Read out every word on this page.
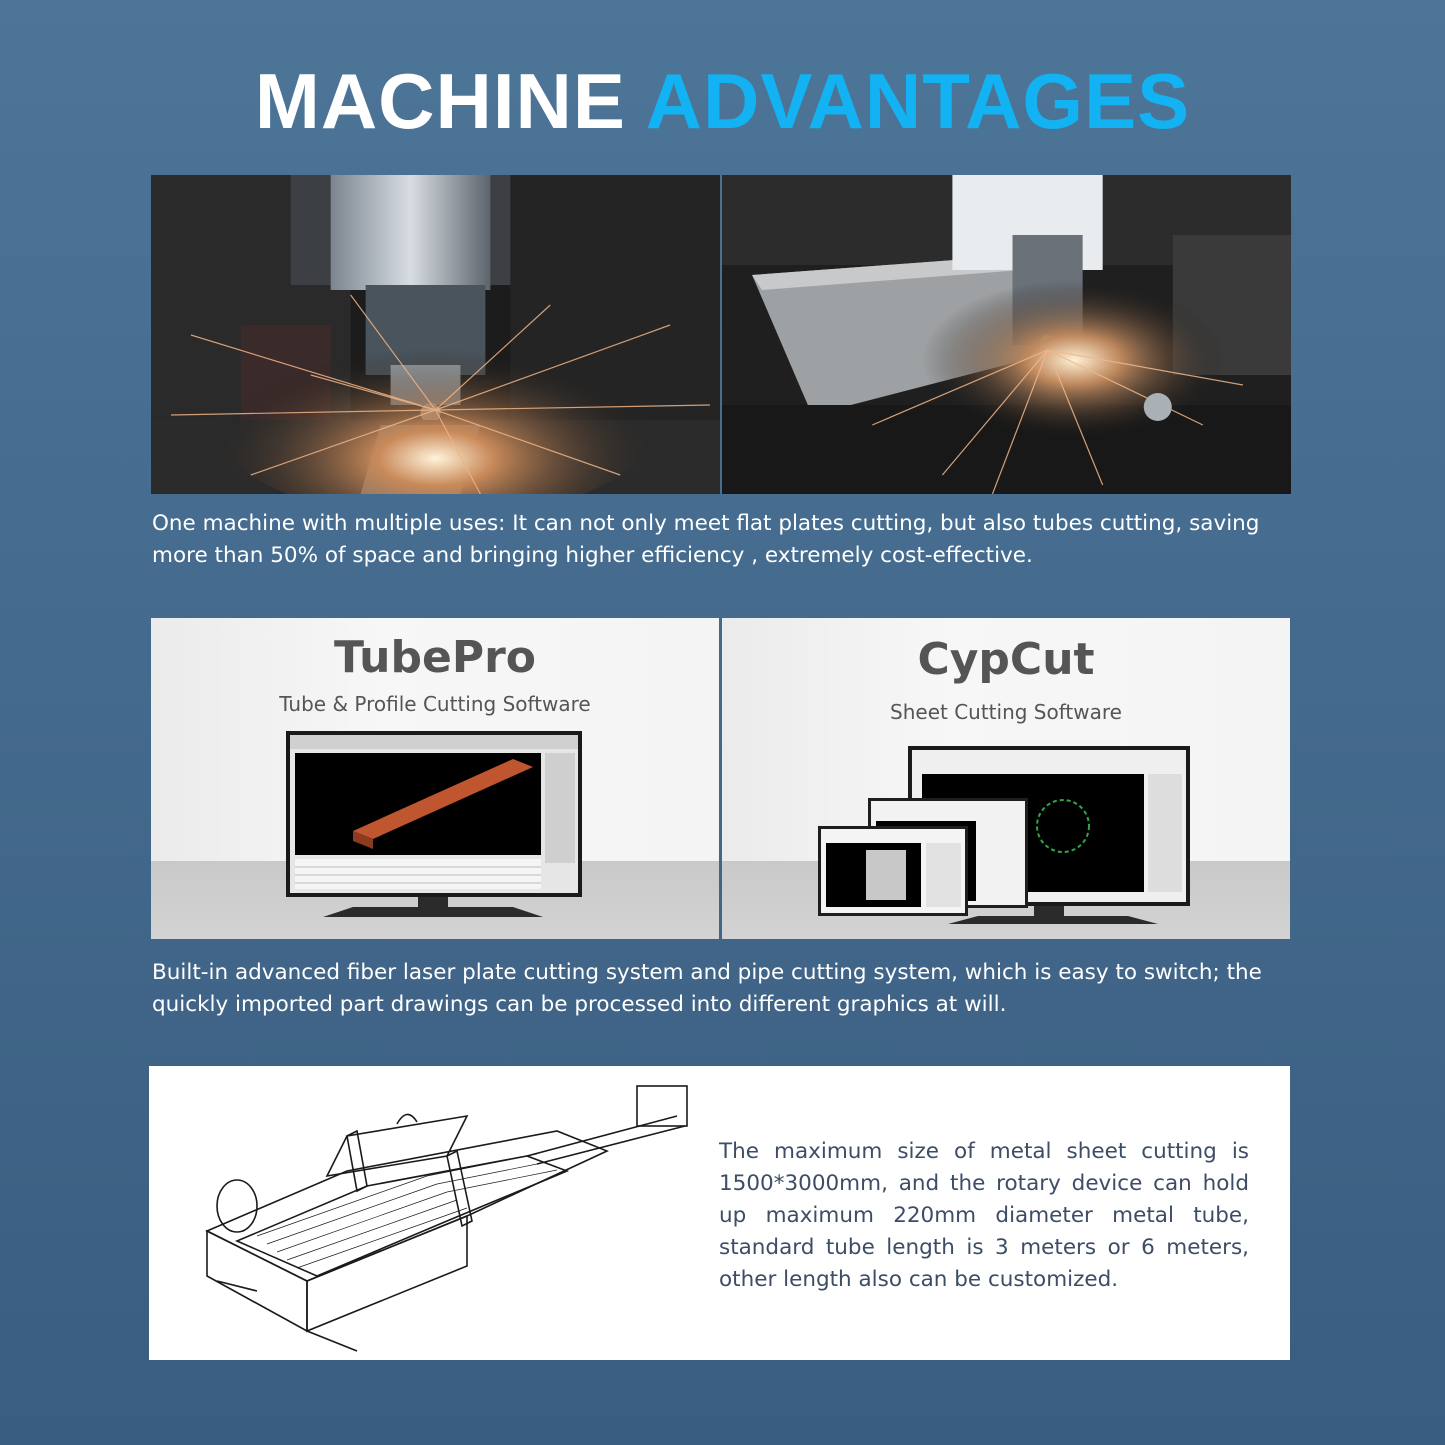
MACHINE ADVANTAGES

One machine with multiple uses: It can not only meet flat plates cutting, but also tubes cutting, saving more than 50% of space and bringing higher efficiency , extremely cost-effective.

TubePro
Tube & Profile Cutting Software
CypCut
Sheet Cutting Software

Built-in advanced fiber laser plate cutting system and pipe cutting system, which is easy to switch; the quickly imported part drawings can be processed into different graphics at will.

The maximum size of metal sheet cutting is 1500*3000mm, and the rotary device can hold up maximum 220mm diameter metal tube, standard tube length is 3 meters or 6 meters, other length also can be customized.
